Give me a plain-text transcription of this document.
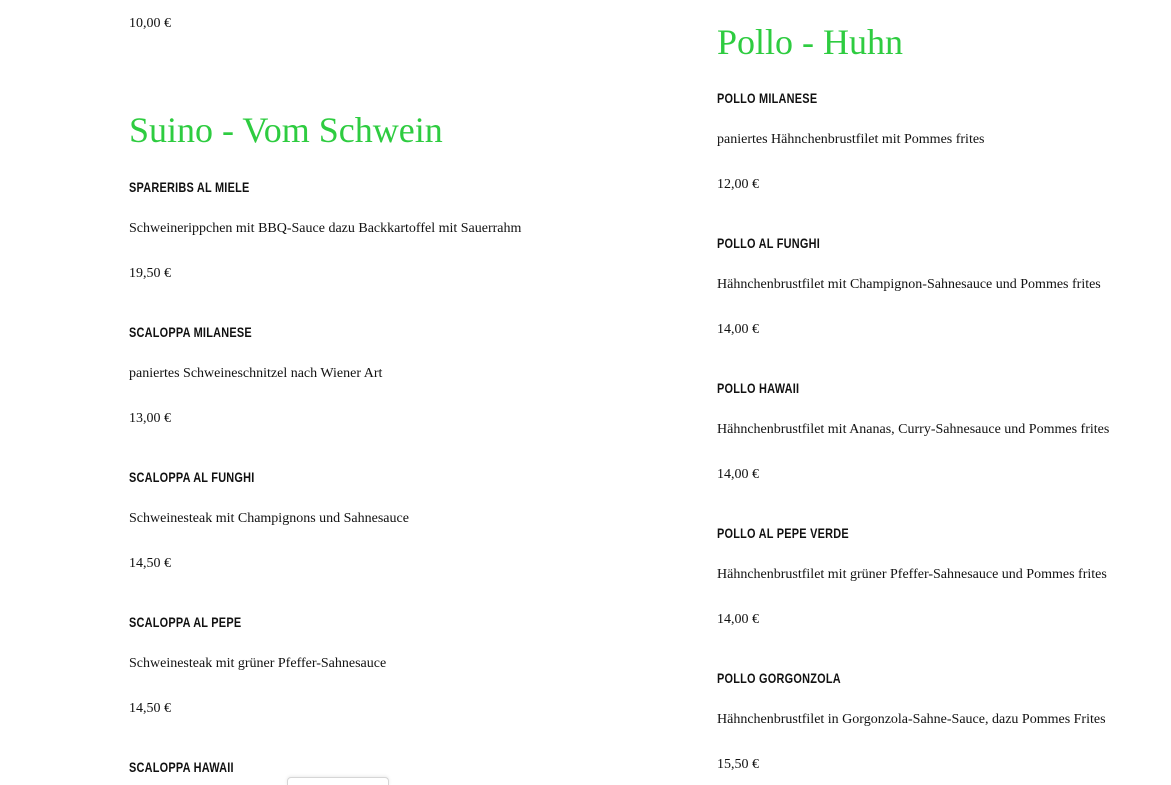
10,00 €
Suino - Vom Schwein
SPARERIBS AL MIELE

Schweinerippchen mit BBQ-Sauce dazu Backkartoffel mit Sauerrahm

19,50 €
SCALOPPA MILANESE

paniertes Schweineschnitzel nach Wiener Art

13,00 €
SCALOPPA AL FUNGHI

Schweinesteak mit Champignons und Sahnesauce

14,50 €
SCALOPPA AL PEPE

Schweinesteak mit grüner Pfeffer-Sahnesauce

14,50 €
SCALOPPA HAWAII
Pollo - Huhn
POLLO MILANESE

paniertes Hähnchenbrustfilet mit Pommes frites

12,00 €
POLLO AL FUNGHI

Hähnchenbrustfilet mit Champignon-Sahnesauce und Pommes frites

14,00 €
POLLO HAWAII

Hähnchenbrustfilet mit Ananas, Curry-Sahnesauce und Pommes frites

14,00 €
POLLO AL PEPE VERDE

Hähnchenbrustfilet mit grüner Pfeffer-Sahnesauce und Pommes frites

14,00 €
POLLO GORGONZOLA

Hähnchenbrustfilet in Gorgonzola-Sahne-Sauce, dazu Pommes Frites

15,50 €
